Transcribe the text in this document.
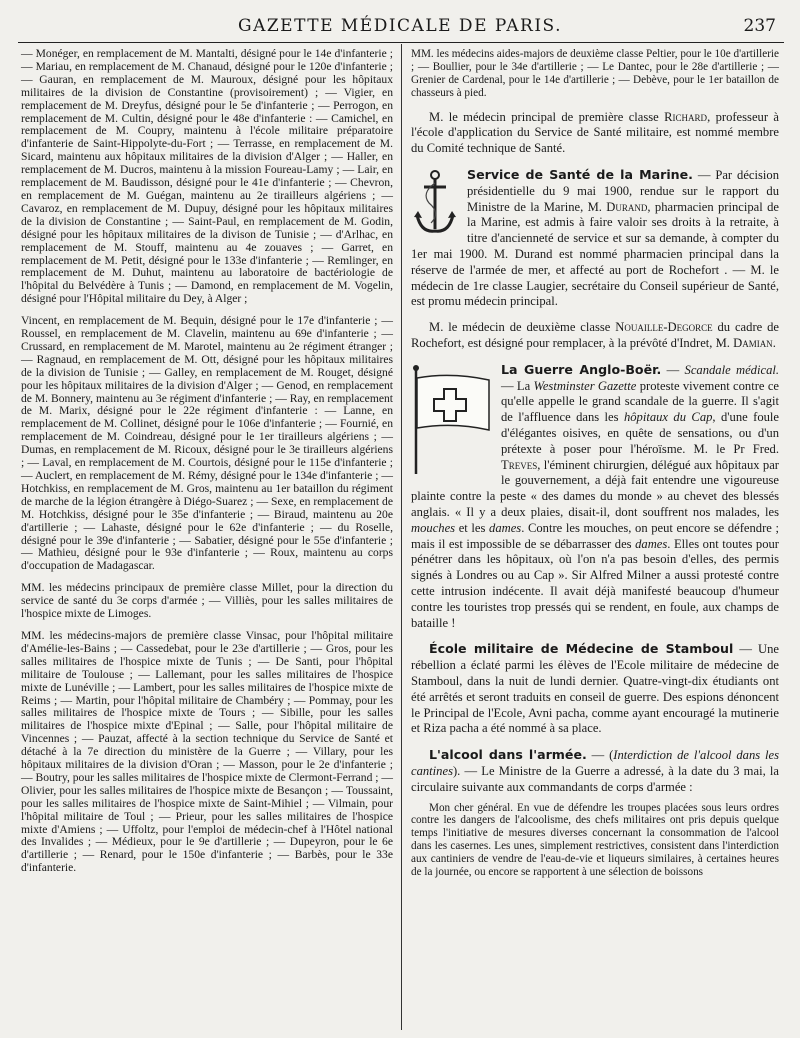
GAZETTE MÉDICALE DE PARIS.	237

— Monéger, en remplacement de M. Mantalti, désigné pour le 14e d'infanterie ; — Mariau, en remplacement de M. Chanaud, désigné pour le 120e d'infanterie ; — Gauran, en remplacement de M. Mauroux, désigné pour les hôpitaux militaires de la division de Constantine (provisoirement) ; — Vigier, en remplacement de M. Dreyfus, désigné pour le 5e d'infanterie ; — Perrogon, en remplacement de M. Cultin, désigné pour le 48e d'infanterie : — Camichel, en remplacement de M. Coupry, maintenu à l'école militaire préparatoire d'infanterie de Saint-Hippolyte-du-Fort ; — Terrasse, en remplacement de M. Sicard, maintenu aux hôpitaux militaires de la division d'Alger ; — Haller, en remplacement de M. Ducros, maintenu à la mission Foureau-Lamy ; — Lair, en remplacement de M. Baudisson, désigné pour le 41e d'infanterie ; — Chevron, en remplacement de M. Guégan, maintenu au 2e tirailleurs algériens ; — Cavaroz, en remplacement de M. Dupuy, désigné pour les hôpitaux militaires de la division de Constantine ; — Saint-Paul, en remplacement de M. Godin, désigné pour les hôpitaux militaires de la divison de Tunisie ; — d'Arlhac, en remplacement de M. Stouff, maintenu au 4e zouaves ; — Garret, en remplacement de M. Petit, désigné pour le 133e d'infanterie ; — Remlinger, en remplacement de M. Duhut, maintenu au laboratoire de bactériologie de l'hôpital du Belvédère à Tunis ; — Damond, en remplacement de M. Vogelin, désigné pour l'Hôpital militaire du Dey, à Alger ;

Vincent, en remplacement de M. Bequin, désigné pour le 17e d'infanterie ; — Roussel, en remplacement de M. Clavelin, maintenu au 69e d'infanterie ; — Crussard, en remplacement de M. Marotel, maintenu au 2e régiment étranger ; — Ragnaud, en remplacement de M. Ott, désigné pour les hôpitaux militaires de la division de Tunisie ; — Galley, en remplacement de M. Rouget, désigné pour les hôpitaux militaires de la division d'Alger ; — Genod, en remplacement de M. Bonnery, maintenu au 3e régiment d'infanterie ; — Ray, en remplacement de M. Marix, désigné pour le 22e régiment d'infanterie : — Lanne, en remplacement de M. Collinet, désigné pour le 106e d'infanterie ; — Fournié, en remplacement de M. Coindreau, désigné pour le 1er tirailleurs algériens ; — Dumas, en remplacement de M. Ricoux, désigné pour le 3e tirailleurs algériens ; — Laval, en remplacement de M. Courtois, désigné pour le 115e d'infanterie ; — Auclert, en remplacement de M. Rémy, désigné pour le 134e d'infanterie ; — Hotchkiss, en remplacement de M. Gros, maintenu au 1er bataillon du régiment de marche de la légion étrangère à Diégo-Suarez ; — Sexe, en remplacement de M. Hotchkiss, désigné pour le 35e d'infanterie ; — Biraud, maintenu au 20e d'artillerie ; — Lahaste, désigné pour le 62e d'infanterie ; — du Roselle, désigné pour le 39e d'infanterie ; — Sabatier, désigné pour le 55e d'infanterie ; — Mathieu, désigné pour le 93e d'infanterie ; — Roux, maintenu au corps d'occupation de Madagascar.

MM. les médecins principaux de première classe Millet, pour la direction du service de santé du 3e corps d'armée ; — Villiès, pour les salles militaires de l'hospice mixte de Limoges.

MM. les médecins-majors de première classe Vinsac, pour l'hôpital militaire d'Amélie-les-Bains ; — Cassedebat, pour le 23e d'artillerie ; — Gros, pour les salles militaires de l'hospice mixte de Tunis ; — De Santi, pour l'hôpital militaire de Toulouse ; — Lallemant, pour les salles militaires de l'hospice mixte de Lunéville ; — Lambert, pour les salles militaires de l'hospice mixte de Reims ; — Martin, pour l'hôpital militaire de Chambéry ; — Pommay, pour les salles militaires de l'hospice mixte de Tours ; — Sibille, pour les salles militaires de l'hospice mixte d'Epinal ; — Salle, pour l'hôpital militaire de Vincennes ; — Pauzat, affecté à la section technique du Service de Santé et détaché à la 7e direction du ministère de la Guerre ; — Villary, pour les hôpitaux militaires de la division d'Oran ; — Masson, pour le 2e d'infanterie ; — Boutry, pour les salles militaires de l'hospice mixte de Clermont-Ferrand ; — Olivier, pour les salles militaires de l'hospice mixte de Besançon ; — Toussaint, pour les salles militaires de l'hospice mixte de Saint-Mihiel ; — Vilmain, pour l'hôpital militaire de Toul ; — Prieur, pour les salles militaires de l'hospice mixte d'Amiens ; — Uffoltz, pour l'emploi de médecin-chef à l'Hôtel national des Invalides ; — Médieux, pour le 9e d'artillerie ; — Dupeyron, pour le 6e d'artillerie ; — Renard, pour le 150e d'infanterie ; — Barbès, pour le 33e d'infanterie.

MM. les médecins aides-majors de deuxième classe Peltier, pour le 10e d'artillerie ; — Boullier, pour le 34e d'artillerie ; — Le Dantec, pour le 28e d'artillerie ; — Grenier de Cardenal, pour le 14e d'artillerie ; — Debève, pour le 1er bataillon de chasseurs à pied.

M. le médecin principal de première classe Richard, professeur à l'école d'application du Service de Santé militaire, est nommé membre du Comité technique de Santé.

Service de Santé de la Marine. — Par décision présidentielle du 9 mai 1900, rendue sur le rapport du Ministre de la Marine, M. Durand, pharmacien principal de la Marine, est admis à faire valoir ses droits à la retraite, à titre d'ancienneté de service et sur sa demande, à compter du 1er mai 1900. M. Durand est nommé pharmacien principal dans la réserve de l'armée de mer, et affecté au port de Rochefort . — M. le médecin de 1re classe Laugier, secrétaire du Conseil supérieur de Santé, est promu médecin principal.

M. le médecin de deuxième classe Nouaille-Degorce du cadre de Rochefort, est désigné pour remplacer, à la prévôté d'Indret, M. Damian.

La Guerre Anglo-Boër. — Scandale médical. — La Westminster Gazette proteste vivement contre ce qu'elle appelle le grand scandale de la guerre. Il s'agit de l'affluence dans les hôpitaux du Cap, d'une foule d'élégantes oisives, en quête de sensations, ou d'un prétexte à poser pour l'héroïsme. M. le Pr Fred. Treves, l'éminent chirurgien, délégué aux hôpitaux par le gouvernement, a déjà fait entendre une vigoureuse plainte contre la peste « des dames du monde » au chevet des blessés anglais. « Il y a deux plaies, disait-il, dont souffrent nos malades, les mouches et les dames. Contre les mouches, on peut encore se défendre ; mais il est impossible de se débarrasser des dames. Elles ont toutes pour pénétrer dans les hôpitaux, où l'on n'a pas besoin d'elles, des permis signés à Londres ou au Cap ». Sir Alfred Milner a aussi protesté contre cette intrusion indécente. Il avait déjà manifesté beaucoup d'humeur contre les touristes trop pressés qui se rendent, en foule, aux champs de bataille !

École militaire de Médecine de Stamboul — Une rébellion a éclaté parmi les élèves de l'Ecole militaire de médecine de Stamboul, dans la nuit de lundi dernier. Quatre-vingt-dix étudiants ont été arrêtés et seront traduits en conseil de guerre. Des espions dénoncent le Principal de l'Ecole, Avni pacha, comme ayant encouragé la mutinerie et Riza pacha a été nommé à sa place.

L'alcool dans l'armée. — (Interdiction de l'alcool dans les cantines). — Le Ministre de la Guerre a adressé, à la date du 3 mai, la circulaire suivante aux commandants de corps d'armée :

Mon cher général. En vue de défendre les troupes placées sous leurs ordres contre les dangers de l'alcoolisme, des chefs militaires ont pris depuis quelque temps l'initiative de mesures diverses concernant la consommation de l'alcool dans les casernes. Les unes, simplement restrictives, consistent dans l'interdiction aux cantiniers de vendre de l'eau-de-vie et liqueurs similaires, à certaines heures de la journée, ou encore se rapportent à une sélection de boissons
